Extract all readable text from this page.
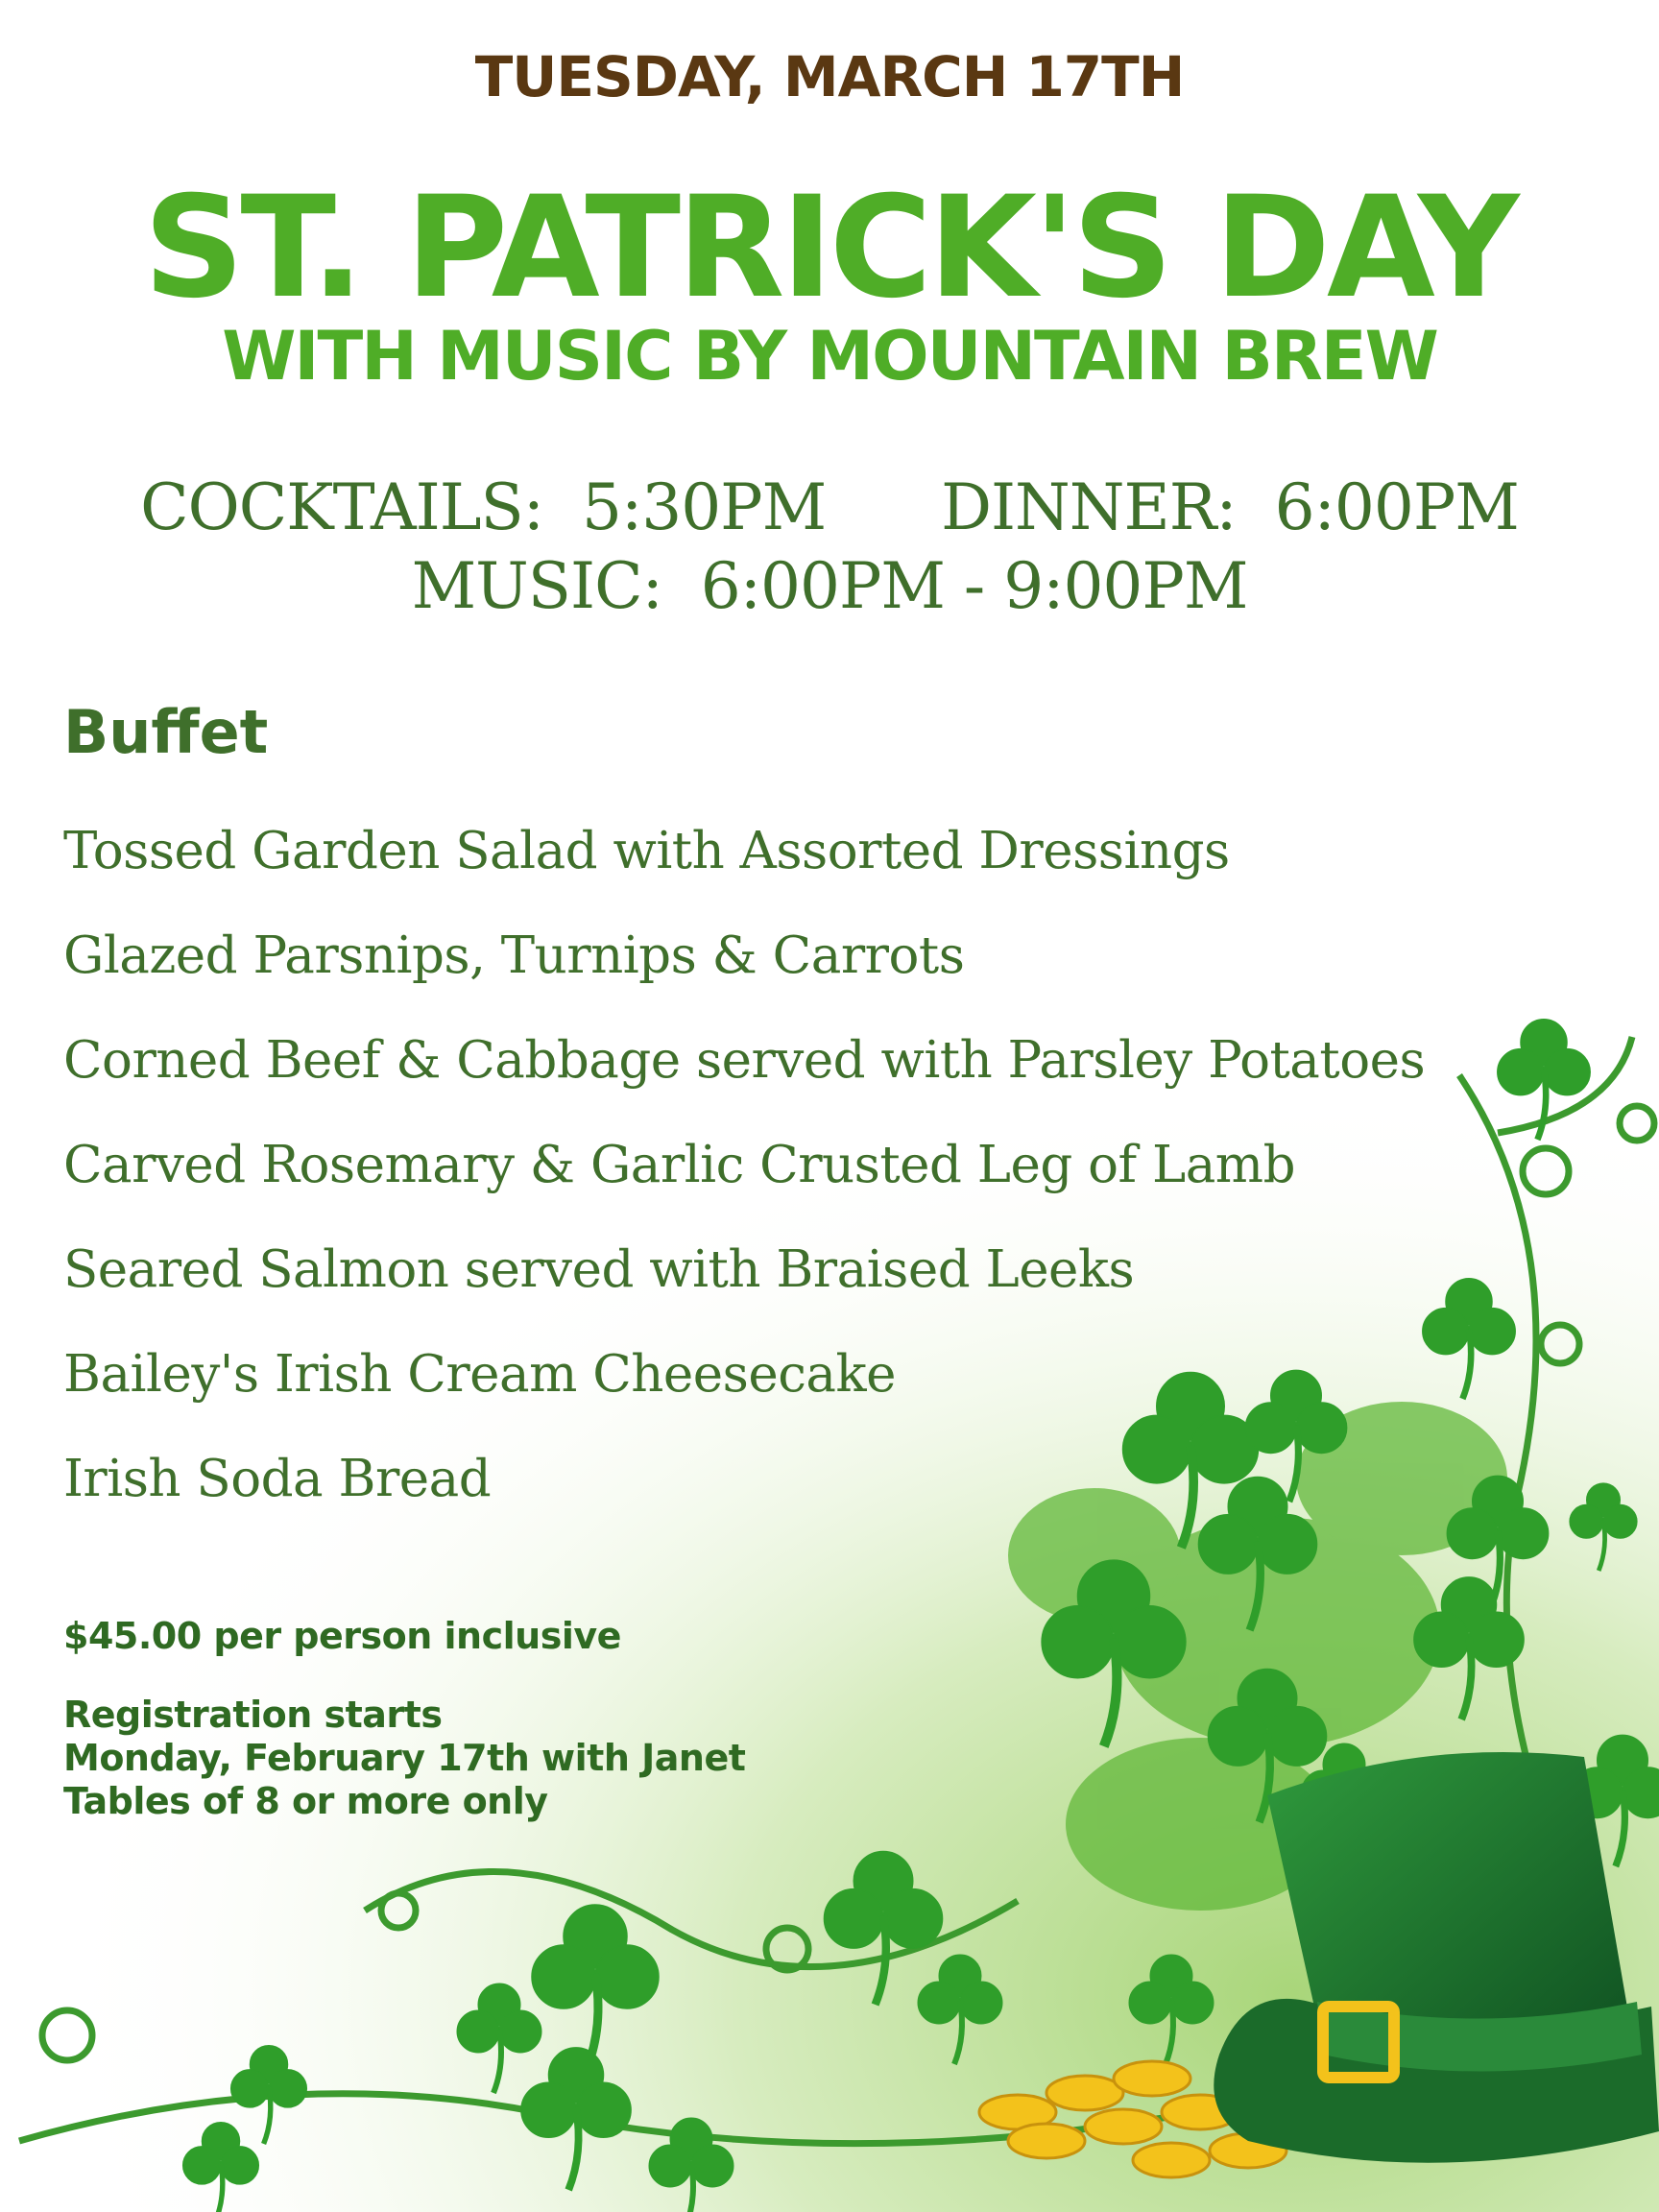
TUESDAY, MARCH 17TH
ST. PATRICK'S DAY
WITH MUSIC BY MOUNTAIN BREW
COCKTAILS:  5:30PM DINNER:  6:00PM
MUSIC:  6:00PM - 9:00PM
Buffet
Tossed Garden Salad with Assorted Dressings
Glazed Parsnips, Turnips & Carrots
Corned Beef & Cabbage served with Parsley Potatoes
Carved Rosemary & Garlic Crusted Leg of Lamb
Seared Salmon served with Braised Leeks
Bailey's Irish Cream Cheesecake
Irish Soda Bread
$45.00 per person inclusive
Registration starts
Monday, February 17th with Janet
Tables of 8 or more only
